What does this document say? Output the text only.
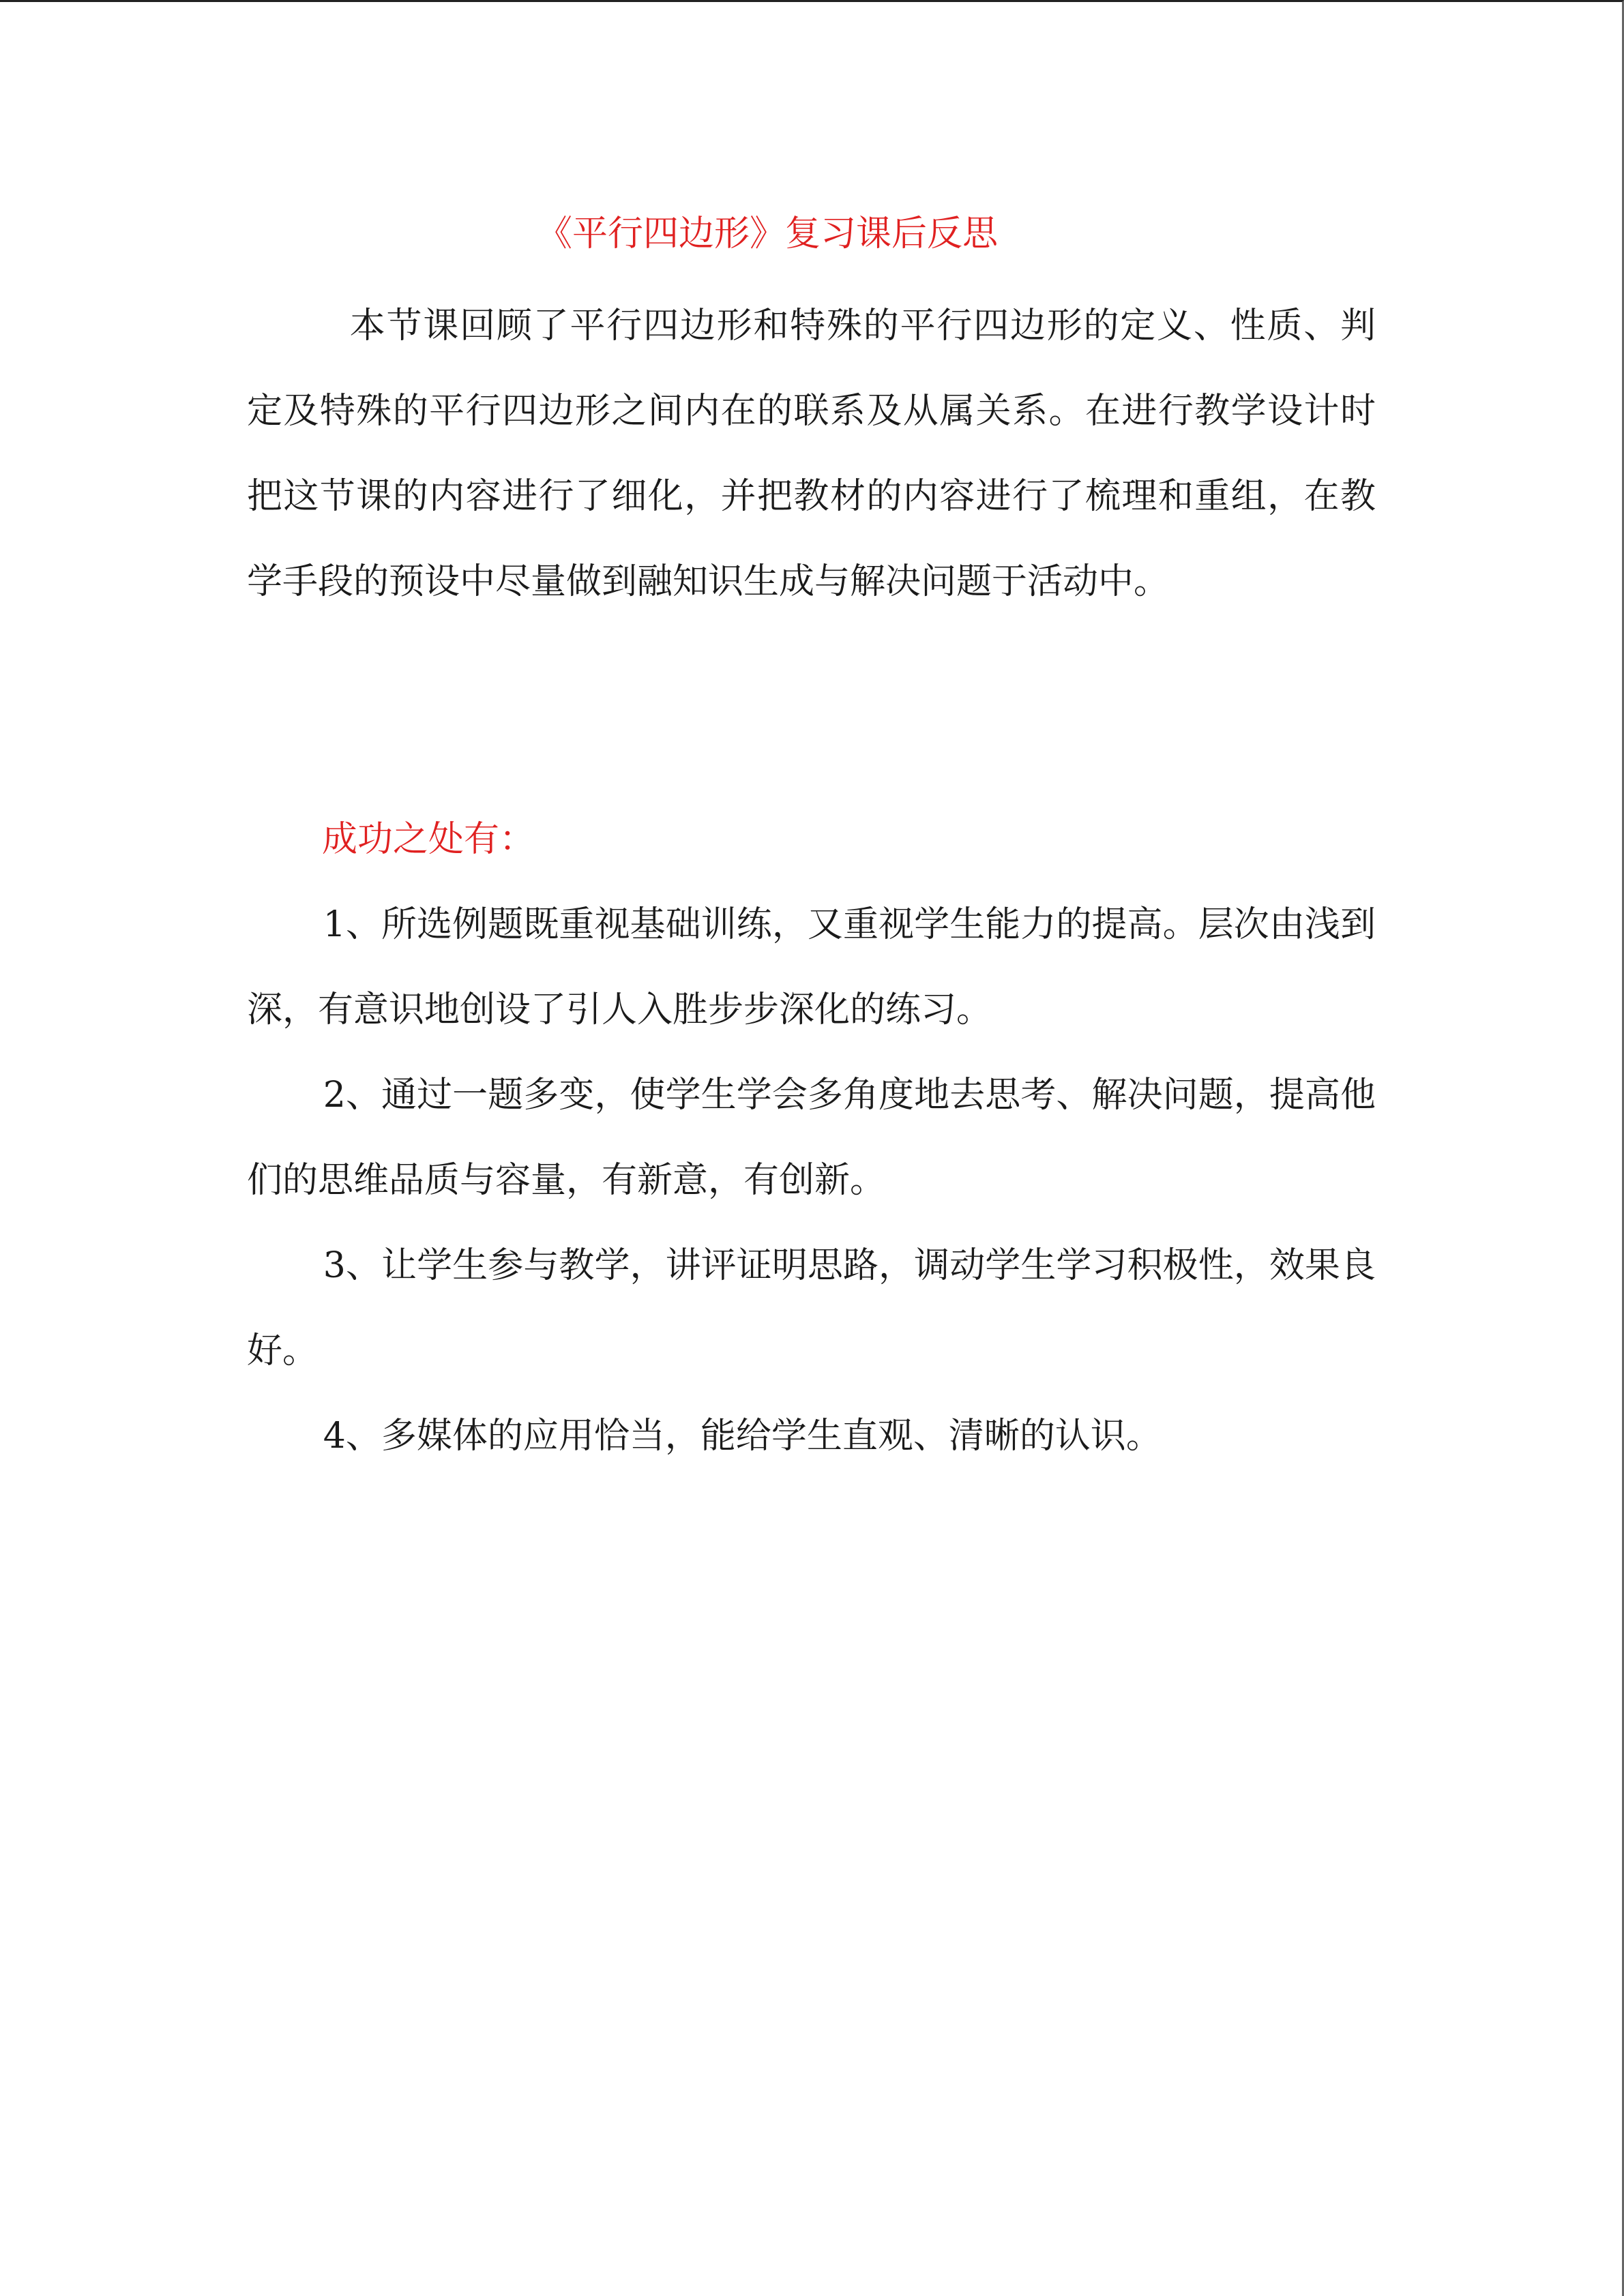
《平行四边形》复习课后反思

本节课回顾了平行四边形和特殊的平行四边形的定义、性质、判定及特殊的平行四边形之间内在的联系及从属关系。在进行教学设计时把这节课的内容进行了细化，并把教材的内容进行了梳理和重组，在教学手段的预设中尽量做到融知识生成与解决问题于活动中。

成功之处有：

1、所选例题既重视基础训练，又重视学生能力的提高。层次由浅到深，有意识地创设了引人入胜步步深化的练习。

2、通过一题多变，使学生学会多角度地去思考、解决问题，提高他们的思维品质与容量，有新意，有创新。

3、让学生参与教学，讲评证明思路，调动学生学习积极性，效果良好。

4、多媒体的应用恰当，能给学生直观、清晰的认识。
